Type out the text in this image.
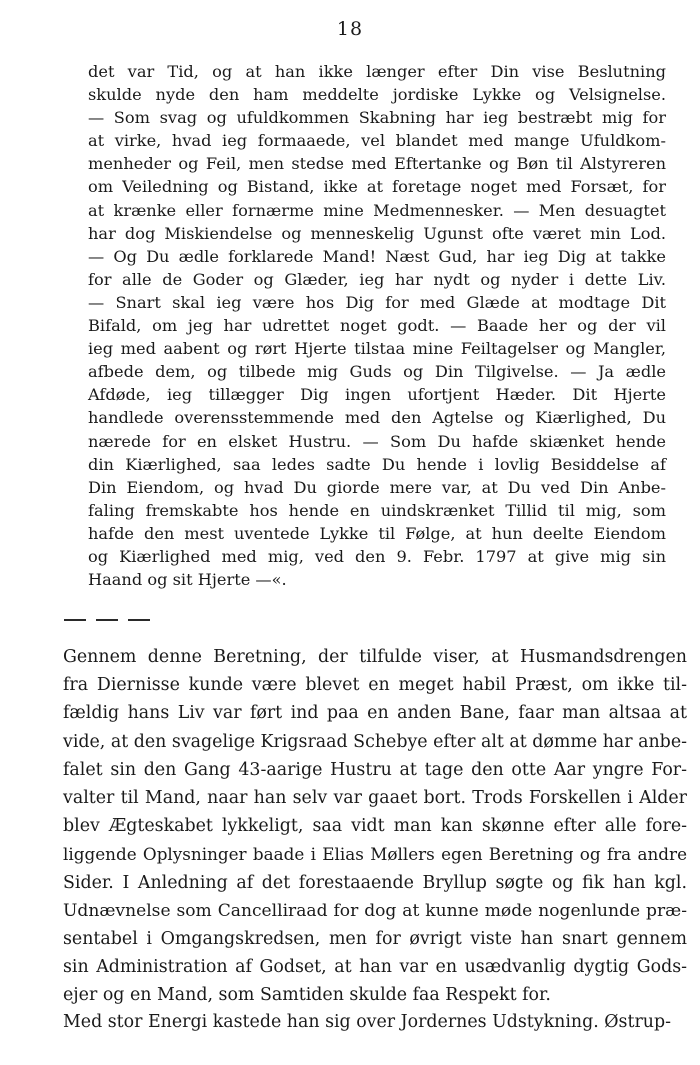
18
det var Tid, og at han ikke længer efter Din vise Beslutning
skulde nyde den ham meddelte jordiske Lykke og Velsignelse.
— Som svag og ufuldkommen Skabning har ieg bestræbt mig for
at virke, hvad ieg formaaede, vel blandet med mange Ufuldkom-
menheder og Feil, men stedse med Eftertanke og Bøn til Alstyreren
om Veiledning og Bistand, ikke at foretage noget med Forsæt, for
at krænke eller fornærme mine Medmennesker. — Men desuagtet
har dog Miskiendelse og menneskelig Ugunst ofte været min Lod.
— Og Du ædle forklarede Mand! Næst Gud, har ieg Dig at takke
for alle de Goder og Glæder, ieg har nydt og nyder i dette Liv.
— Snart skal ieg være hos Dig for med Glæde at modtage Dit
Bifald, om jeg har udrettet noget godt. — Baade her og der vil
ieg med aabent og rørt Hjerte tilstaa mine Feiltagelser og Mangler,
afbede dem, og tilbede mig Guds og Din Tilgivelse. — Ja ædle
Afdøde, ieg tillægger Dig ingen ufortjent Hæder. Dit Hjerte
handlede overensstemmende med den Agtelse og Kiærlighed, Du
nærede for en elsket Hustru. — Som Du hafde skiænket hende
din Kiærlighed, saa ledes sadte Du hende i lovlig Besiddelse af
Din Eiendom, og hvad Du giorde mere var, at Du ved Din Anbe-
faling fremskabte hos hende en uindskrænket Tillid til mig, som
hafde den mest uventede Lykke til Følge, at hun deelte Eiendom
og Kiærlighed med mig, ved den 9. Febr. 1797 at give mig sin
Haand og sit Hjerte —«.
Gennem denne Beretning, der tilfulde viser, at Husmandsdrengen
fra Diernisse kunde være blevet en meget habil Præst, om ikke til-
fældig hans Liv var ført ind paa en anden Bane, faar man altsaa at
vide, at den svagelige Krigsraad Schebye efter alt at dømme har anbe-
falet sin den Gang 43-aarige Hustru at tage den otte Aar yngre For-
valter til Mand, naar han selv var gaaet bort. Trods Forskellen i Alder
blev Ægteskabet lykkeligt, saa vidt man kan skønne efter alle fore-
liggende Oplysninger baade i Elias Møllers egen Beretning og fra andre
Sider. I Anledning af det forestaaende Bryllup søgte og fik han kgl.
Udnævnelse som Cancelliraad for dog at kunne møde nogenlunde præ-
sentabel i Omgangskredsen, men for øvrigt viste han snart gennem
sin Administration af Godset, at han var en usædvanlig dygtig Gods-
ejer og en Mand, som Samtiden skulde faa Respekt for.
Med stor Energi kastede han sig over Jordernes Udstykning. Østrup-
